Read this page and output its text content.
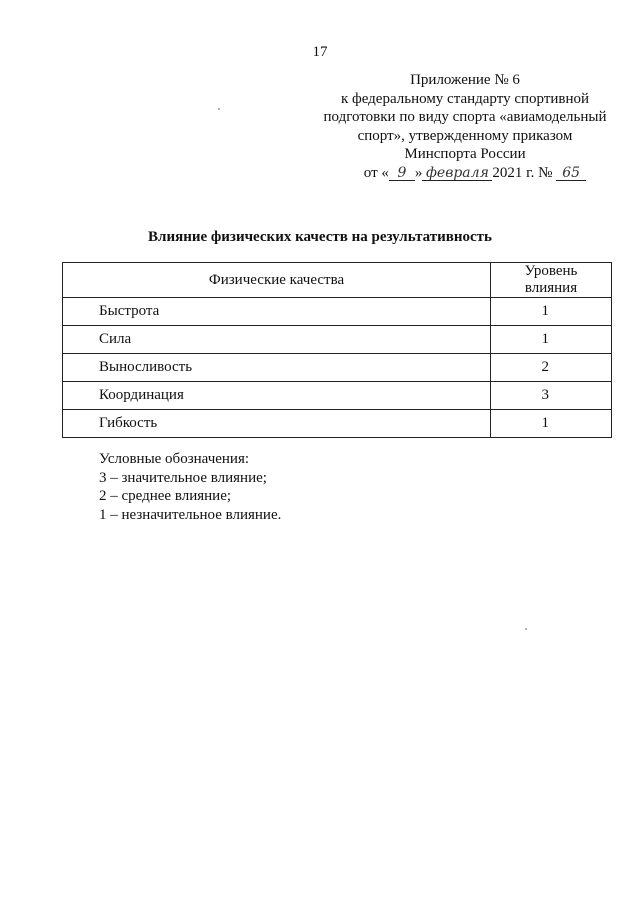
17
Приложение № 6
к федеральному стандарту спортивной
подготовки по виду спорта «авиамодельный
спорт», утвержденному приказом
Минспорта России
от « 9 » февраля 2021 г. № 65
Влияние физических качеств на результативность
Физические качества	Уровень влияния
Быстрота	1
Сила	1
Выносливость	2
Координация	3
Гибкость	1
Условные обозначения:
3 – значительное влияние;
2 – среднее влияние;
1 – незначительное влияние.
